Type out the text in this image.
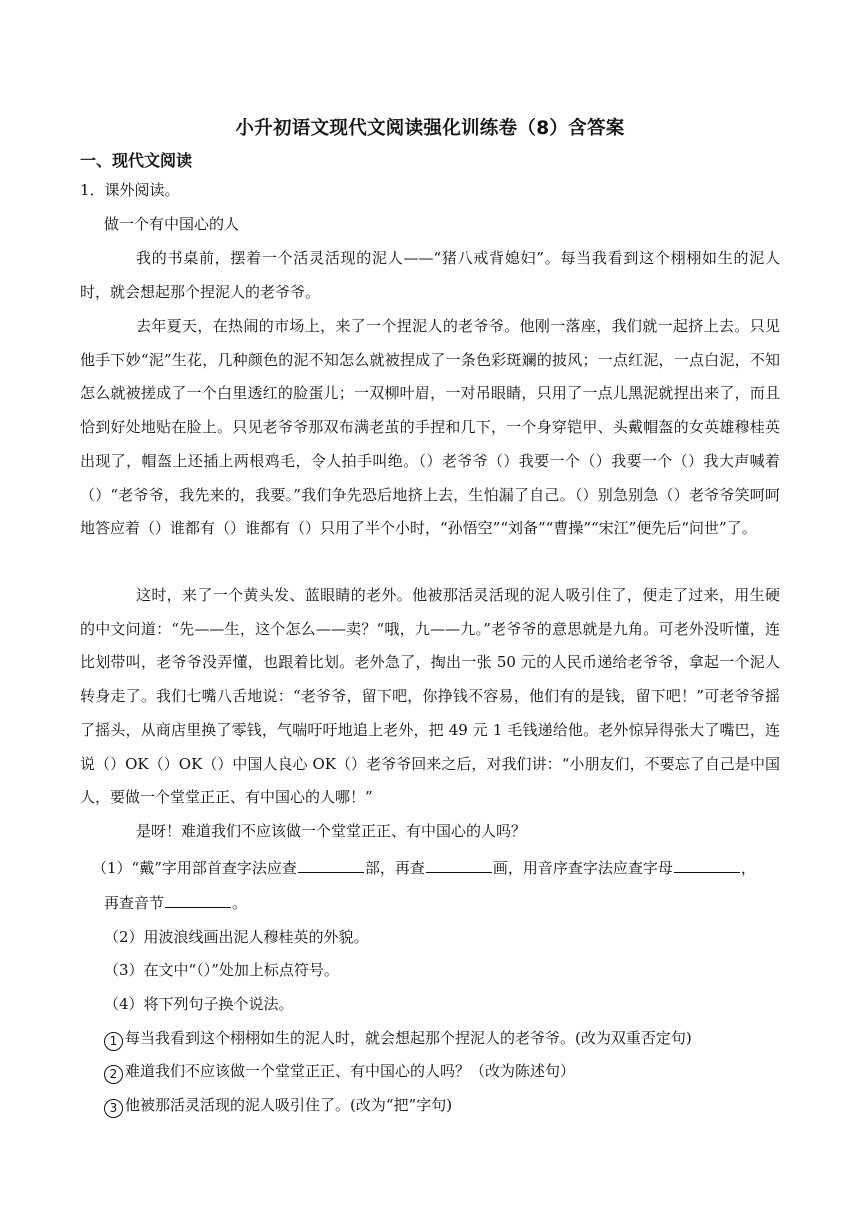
小升初语文现代文阅读强化训练卷（8）含答案
一、现代文阅读
1．课外阅读。
做一个有中国心的人
我的书桌前，摆着一个活灵活现的泥人——“猪八戒背媳妇”。每当我看到这个栩栩如生的泥人时，就会想起那个捏泥人的老爷爷。
去年夏天，在热闹的市场上，来了一个捏泥人的老爷爷。他刚一落座，我们就一起挤上去。只见他手下妙“泥”生花，几种颜色的泥不知怎么就被捏成了一条色彩斑斓的披风；一点红泥，一点白泥，不知怎么就被搓成了一个白里透红的脸蛋儿；一双柳叶眉，一对吊眼睛，只用了一点儿黑泥就捏出来了，而且恰到好处地贴在脸上。只见老爷爷那双布满老茧的手捏和几下，一个身穿铠甲、头戴帽盔的女英雄穆桂英出现了，帽盔上还插上两根鸡毛，令人拍手叫绝。（）老爷爷（）我要一个（）我要一个（）我大声喊着（）“老爷爷，我先来的，我要。”我们争先恐后地挤上去，生怕漏了自己。（）别急别急（）老爷爷笑呵呵地答应着（）谁都有（）谁都有（）只用了半个小时，“孙悟空”“刘备”“曹操”“宋江”便先后“问世”了。
这时，来了一个黄头发、蓝眼睛的老外。他被那活灵活现的泥人吸引住了，便走了过来，用生硬的中文问道：“先——生，这个怎么——卖？“哦，九——九。”老爷爷的意思就是九角。可老外没听懂，连比划带叫，老爷爷没弄懂，也跟着比划。老外急了，掏出一张 50 元的人民币递给老爷爷，拿起一个泥人转身走了。我们七嘴八舌地说：“老爷爷，留下吧，你挣钱不容易，他们有的是钱，留下吧！”可老爷爷摇了摇头，从商店里换了零钱，气喘吁吁地追上老外，把 49 元 1 毛钱递给他。老外惊异得张大了嘴巴，连说（）OK（）OK（）中国人良心 OK（）老爷爷回来之后，对我们讲：“小朋友们，不要忘了自己是中国人，要做一个堂堂正正、有中国心的人哪！”
是呀！难道我们不应该做一个堂堂正正、有中国心的人吗？
（1）“戴”字用部首查字法应查	部，再查	画，用音序查字法应查字母	，
再查音节	。
（2）用波浪线画出泥人穆桂英的外貌。
（3）在文中“（）”处加上标点符号。
（4）将下列句子换个说法。
1 每当我看到这个栩栩如生的泥人时，就会想起那个捏泥人的老爷爷。(改为双重否定句)
2 难道我们不应该做一个堂堂正正、有中国心的人吗？（改为陈述句）
3 他被那活灵活现的泥人吸引住了。(改为“把”字句)
